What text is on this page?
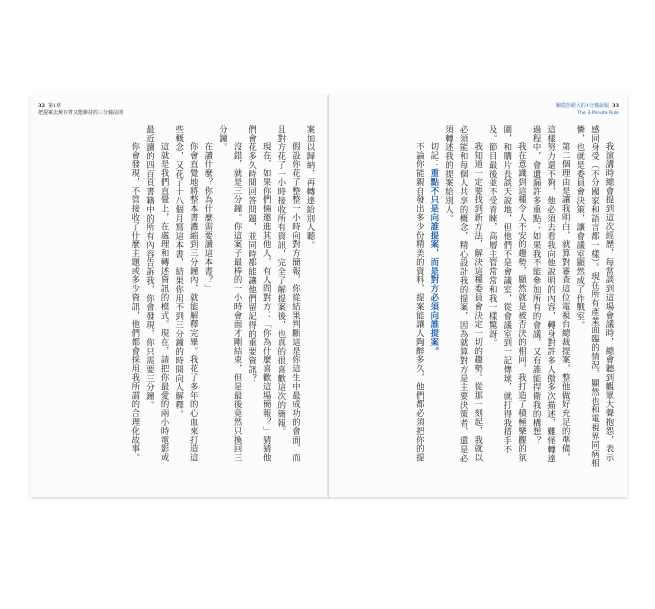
32 第1章
把提案去蕪存菁又能維持的三分鐘法則

案加以歸納，再轉達給別人聽。

假設你花了整整一小時向對方簡報，你從結果判斷這是你這生中最成功的會面，而且對方花了一小時接收所有資訊，完全了解提案後，也真的很喜歡這次的簡報。

現在，如果你們倆邀進其他人，有人問對方：「你為什麼喜歡這場簡報？」猜猜他們會花多久時間回答問題，並同時都能讓他們留記得的重要資訊？

沒錯，就是三分鐘。你這案子最棒的一小時會面才剛結束，但是最後竟然只換回三分鐘。

在讀什麼？你為什麼需要讀這本書？」

你會直覺地將整本書濃縮到三分鐘內，就能解釋完畢。我花了多年的心血來打造這些概念，又花了十八個月寫這本書，結果你用不到三分鐘的時間向人解釋。

這就是我們直覺上，在處理和轉述資訊的模式。現在，請把你最愛的兩小時電影或最近讀的四百頁書籍中的所有內容告訴我，你會發現，你只需要三分鐘。

你會發現，不管接收了什麼主題或多少資訊，他們都會採用我所謂的合理化故事。

關從拒絕大的1分鐘說服 33
The 3-Minute Rule

我演講時總會提到這次經歷，每當談到這場會議時，總會聽到觀眾大聲抱怨，表示感同身受（不分國家和語言都一樣）。現在所有產業面臨的情況，顯然也和電視界同病相憐，也就是委員會決策，讓會議室顯然成了作戰室。

第二個理由是讓我明白，就算對審查這位電視台總裁提案，整他做好充足的準備，這樣努力還不夠，他必須去看我向他說明的內容，轉身對許多人傲多次描述，難怪轉達過程中，會遺漏許多重點；如果我不能參加所有的會議，又有誰能捍衛我的構想？

我在意識到這種令人不安的趨勢，顯然就是被否決的相同，我打造了積極樂觀的氛圍，和購片長談天說地，但他們不是會議室，從會議室到一記傳球，就打得我措手不及。節目最後並不受青睞，高層主管常常和我一樣驚訝。

我知道一定要找到新方法，解決這種委員會決定一切的趨勢。從那一刻起，我就以必須能和每個人共享的概念，精心設計我的提案，因為就算對方是主要決策者，還是必須轉述我的提案給別人。

切記：重點不只是向誰提案，而是對方必須向誰提案。

不論你能親自發出多少份精美的資料，提案能讓人陶醉多久，他們都必須把你的提
